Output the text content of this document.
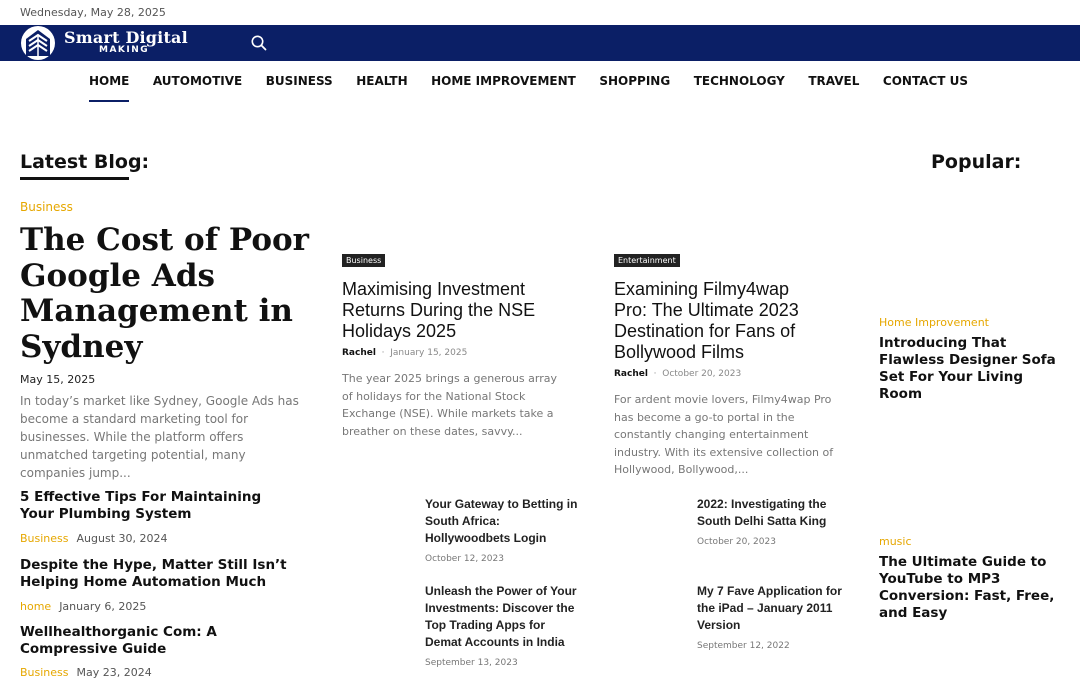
Wednesday, May 28, 2025
Smart Digital
MAKING
HOME AUTOMOTIVE BUSINESS HEALTH HOME IMPROVEMENT SHOPPING TECHNOLOGY TRAVEL CONTACT US
Latest Blog:
Business
The Cost of Poor Google Ads Management in Sydney
May 15, 2025
In today’s market like Sydney, Google Ads has become a standard marketing tool for businesses. While the platform offers unmatched targeting potential, many companies jump...
Business
Maximising Investment Returns During the NSE Holidays 2025
Rachel  ·  January 15, 2025
The year 2025 brings a generous array of holidays for the National Stock Exchange (NSE). While markets take a breather on these dates, savvy...
Entertainment
Examining Filmy4wap Pro: The Ultimate 2023 Destination for Fans of Bollywood Films
Rachel  ·  October 20, 2023
For ardent movie lovers, Filmy4wap Pro has become a go-to portal in the constantly changing entertainment industry. With its extensive collection of Hollywood, Bollywood,...
5 Effective Tips For Maintaining Your Plumbing System
Business August 30, 2024
Despite the Hype, Matter Still Isn’t Helping Home Automation Much
home January 6, 2025
Wellhealthorganic Com: A Compressive Guide
Business May 23, 2024
Your Gateway to Betting in South Africa: Hollywoodbets Login
October 12, 2023
2022: Investigating the South Delhi Satta King
October 20, 2023
Unleash the Power of Your Investments: Discover the Top Trading Apps for Demat Accounts in India
September 13, 2023
My 7 Fave Application for the iPad – January 2011 Version
September 12, 2022
Popular:
Home Improvement
Introducing That Flawless Designer Sofa Set For Your Living Room
music
The Ultimate Guide to YouTube to MP3 Conversion: Fast, Free, and Easy
